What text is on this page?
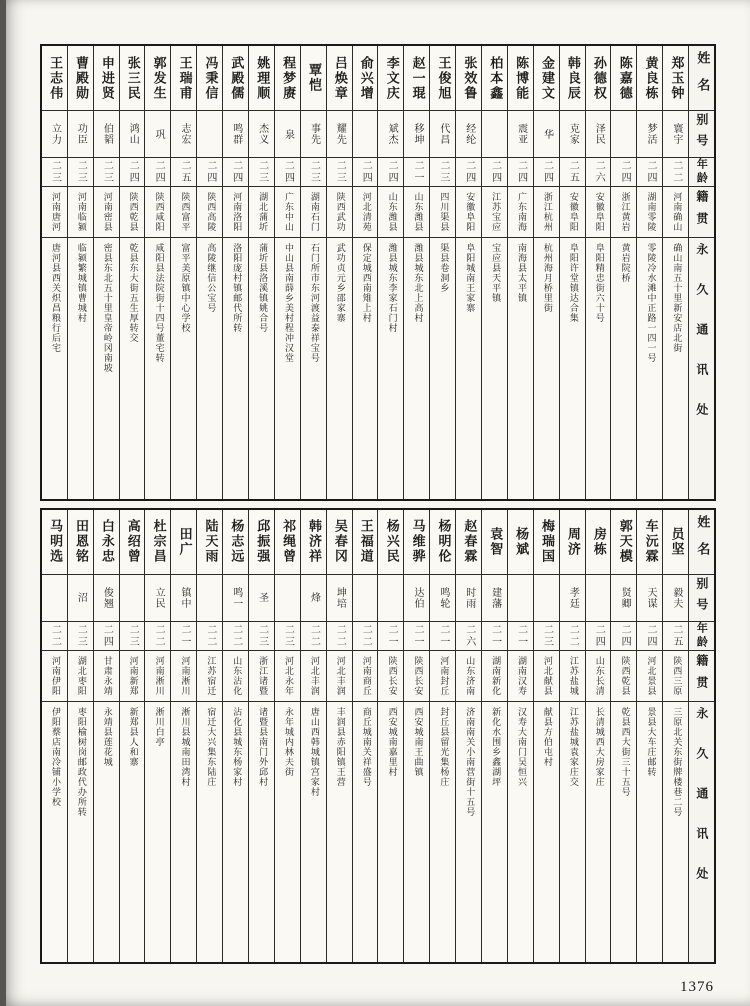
姓名
别号
年龄
籍贯
永久通讯处
郑玉钟
寰宇
二二
河南确山
确山南五十里新安店北街
黄良栋
梦活
二四
湖南零陵
零陵冷水滩中正路一四一号
陈嘉德
二四
浙江黄岩
黄岩院桥
孙德权
泽民
二六
安徽阜阳
阜阳精忠街六十号
韩良辰
克家
二五
安徽阜阳
阜阳许堂镇达合集
金建文
华
二四
浙江杭州
杭州海月桥里街
陈博能
震亚
二四
广东南海
南海县太平镇
柏本鑫
二四
江苏宝应
宝应县天平镇
张效鲁
经纶
二四
安徽阜阳
阜阳城南王家寨
王俊旭
代昌
二三
四川渠县
渠县卷洞乡
赵一琨
移坤
二一
山东潍县
潍县城东北上高村
李文庆
斌杰
二四
山东潍县
潍县城东李家石门村
俞兴增
二四
河北清苑
保定城西南雉上村
吕焕章
耀先
二三
陕西武功
武功贞元乡邵家寨
覃恺
事先
二三
湖南石门
石门所市东河渡益泰祥宝号
程梦赓
泉
二四
广东中山
中山县南薛乡美村程冲汉堂
姚理顺
杰义
二三
湖北蒲圻
蒲圻县洛溪镇姚合号
武殿儒
鸣群
二四
河南洛阳
洛阳庞村镇邮代所转
冯秉信
二四
陕西高陵
高陵继信公宝号
王瑞甫
志宏
二五
陕西富平
富平美原镇中心学校
郭发生
巩
二四
陕西咸阳
咸阳县法院街十四号董宅转
张三民
鸿山
二四
陕西乾县
乾县东大街五生厚转交
申进贤
伯韬
二三
河南密县
密县东北五十里皇帝岭冈南坡
曹殿勋
功臣
二三
河南临颍
临颍繁城镇曹城村
王志伟
立力
二三
河南唐河
唐河县西关炽昌粮行后宅
姓名
别号
年龄
籍贯
永久通讯处
员坚
毅夫
二五
陕西三原
三原北关东街牌楼巷二号
车沅霖
天谋
二四
河北景县
景县大车庄邮转
郭天模
贤卿
二四
陕西乾县
乾县西大街三十五号
房栋
二四
山东长清
长清城西大房家庄
周济
孝廷
二二
江苏盐城
江苏盐城袁家庄交
梅瑞国
二三
河北献县
献县方伯屯村
杨斌
二一
湖南汉寿
汉寿大南门吴恒兴
袁智
建藩
二一
湖南新化
新化水围乡鑫湖坪
赵春霖
时雨
二六
山东济南
济南南关小南营街十五号
杨明伦
鸣轮
二一
河南封丘
封丘县留光集杨庄
马维骅
达伯
二一
陕西长安
西安城南王曲镇
杨兴民
二一
陕西长安
西安城南嘉里村
王福道
二二
河南商丘
商丘城南关祥盛号
吴春冈
坤培
二二
河北丰润
丰润县赤阳镇王营
韩济祥
烽
二二
河北丰润
唐山西韩城镇宫家村
祁绳曾
二三
河北永年
永年城内林夫街
邱振强
圣
二三
浙江诸暨
诸暨县南门外邱村
杨志远
鸣一
二二
山东沾化
沾化县城东杨家村
陆天雨
二二
江苏宿迁
宿迁大兴集东陆庄
田广
镇中
二一
河南淅川
淅川县城南田湾村
杜宗昌
立民
二二
河南淅川
淅川白亭
高绍曾
二三
河南新郑
新郑县人和寨
白永忠
俊翘
二四
甘肃永靖
永靖县莲花城
田恩铭
沼
二三
湖北枣阳
枣阳榆树岗邮政代办所转
马明选
二二
河南伊阳
伊阳蔡店南冷铺小学校
1376
